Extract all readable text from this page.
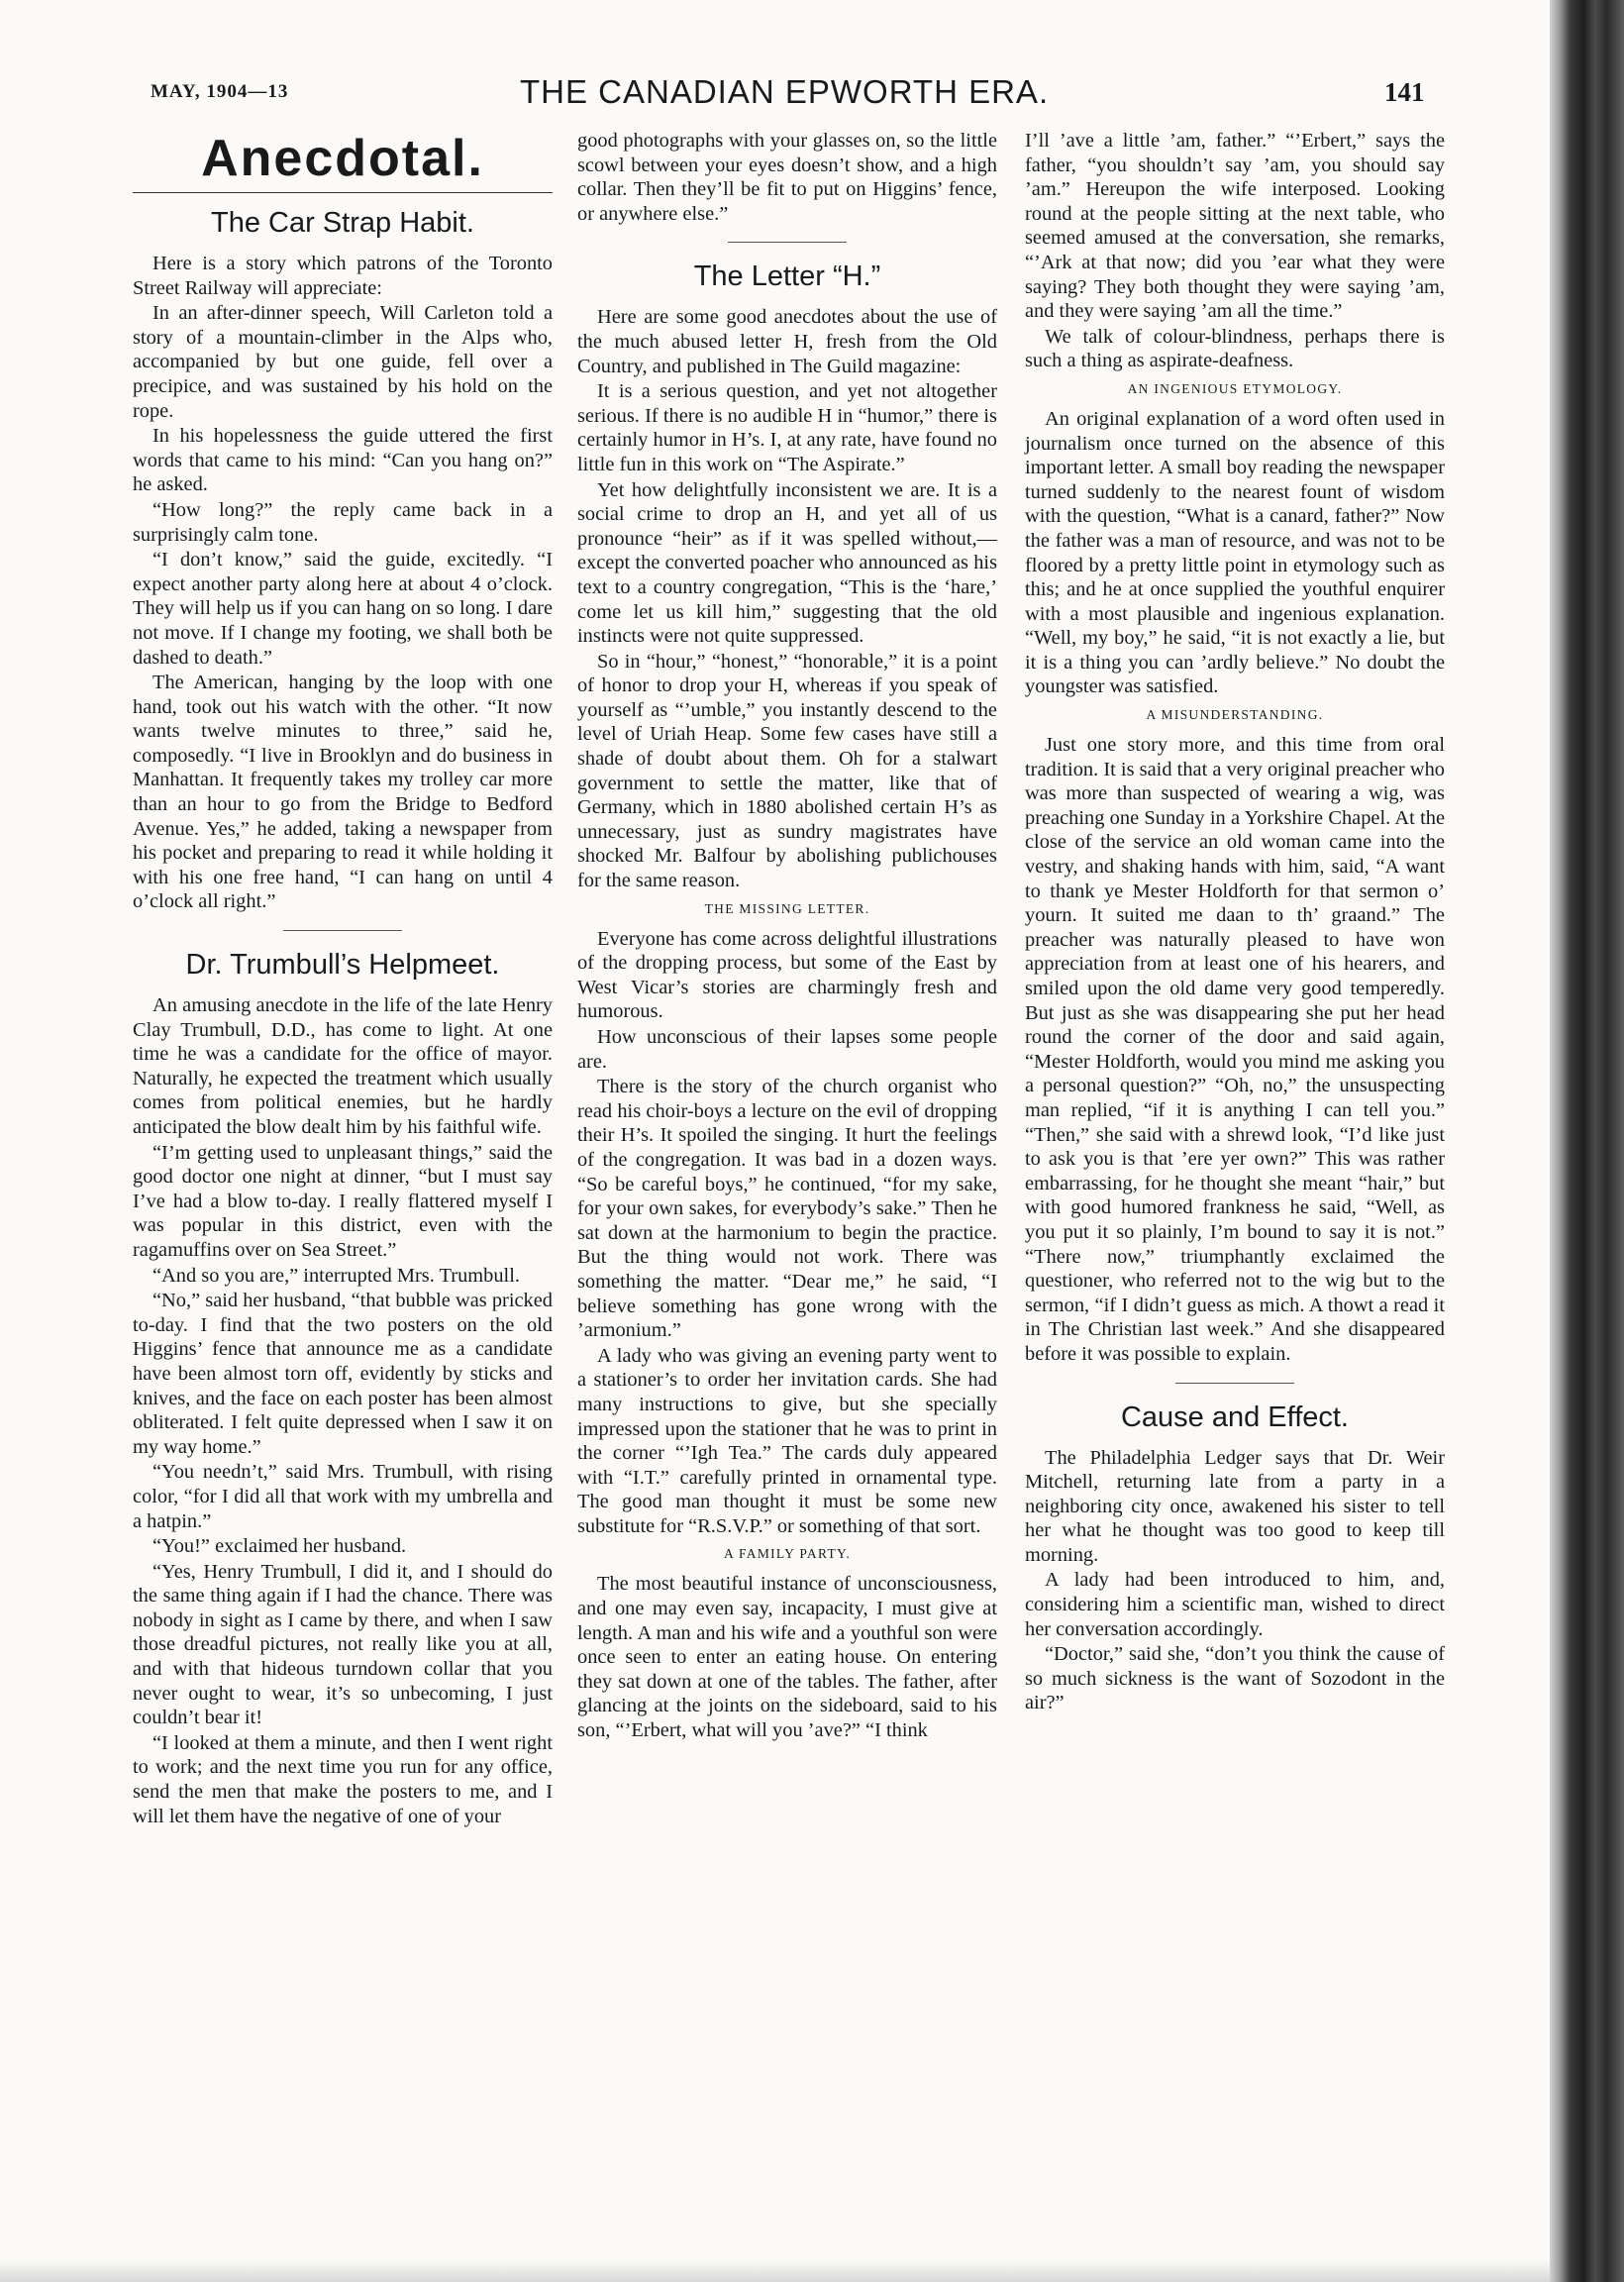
MAY, 1904—13	THE CANADIAN EPWORTH ERA.	141
Anecdotal.
The Car Strap Habit.

Here is a story which patrons of the Toronto Street Railway will appreciate:

In an after-dinner speech, Will Carleton told a story of a mountain-climber in the Alps who, accompanied by but one guide, fell over a precipice, and was sustained by his hold on the rope.

In his hopelessness the guide uttered the first words that came to his mind: “Can you hang on?” he asked.

“How long?” the reply came back in a surprisingly calm tone.

“I don’t know,” said the guide, excitedly. “I expect another party along here at about 4 o’clock. They will help us if you can hang on so long. I dare not move. If I change my footing, we shall both be dashed to death.”

The American, hanging by the loop with one hand, took out his watch with the other. “It now wants twelve minutes to three,” said he, composedly. “I live in Brooklyn and do business in Manhattan. It frequently takes my trolley car more than an hour to go from the Bridge to Bedford Avenue. Yes,” he added, taking a newspaper from his pocket and preparing to read it while holding it with his one free hand, “I can hang on until 4 o’clock all right.”

Dr. Trumbull’s Helpmeet.

An amusing anecdote in the life of the late Henry Clay Trumbull, D.D., has come to light. At one time he was a candidate for the office of mayor. Naturally, he expected the treatment which usually comes from political enemies, but he hardly anticipated the blow dealt him by his faithful wife.

“I’m getting used to unpleasant things,” said the good doctor one night at dinner, “but I must say I’ve had a blow to-day. I really flattered myself I was popular in this district, even with the ragamuffins over on Sea Street.”

“And so you are,” interrupted Mrs. Trumbull.

“No,” said her husband, “that bubble was pricked to-day. I find that the two posters on the old Higgins’ fence that announce me as a candidate have been almost torn off, evidently by sticks and knives, and the face on each poster has been almost obliterated. I felt quite depressed when I saw it on my way home.”

“You needn’t,” said Mrs. Trumbull, with rising color, “for I did all that work with my umbrella and a hatpin.”

“You!” exclaimed her husband.

“Yes, Henry Trumbull, I did it, and I should do the same thing again if I had the chance. There was nobody in sight as I came by there, and when I saw those dreadful pictures, not really like you at all, and with that hideous turndown collar that you never ought to wear, it’s so unbecoming, I just couldn’t bear it!

“I looked at them a minute, and then I went right to work; and the next time you run for any office, send the men that make the posters to me, and I will let them have the negative of one of your

good photographs with your glasses on, so the little scowl between your eyes doesn’t show, and a high collar. Then they’ll be fit to put on Higgins’ fence, or anywhere else.”

The Letter “H.”

Here are some good anecdotes about the use of the much abused letter H, fresh from the Old Country, and published in The Guild magazine:

It is a serious question, and yet not altogether serious. If there is no audible H in “humor,” there is certainly humor in H’s. I, at any rate, have found no little fun in this work on “The Aspirate.”

Yet how delightfully inconsistent we are. It is a social crime to drop an H, and yet all of us pronounce “heir” as if it was spelled without,—except the converted poacher who announced as his text to a country congregation, “This is the ‘hare,’ come let us kill him,” suggesting that the old instincts were not quite suppressed.

So in “hour,” “honest,” “honorable,” it is a point of honor to drop your H, whereas if you speak of yourself as “’umble,” you instantly descend to the level of Uriah Heap. Some few cases have still a shade of doubt about them. Oh for a stalwart government to settle the matter, like that of Germany, which in 1880 abolished certain H’s as unnecessary, just as sundry magistrates have shocked Mr. Balfour by abolishing publichouses for the same reason.

THE MISSING LETTER.

Everyone has come across delightful illustrations of the dropping process, but some of the East by West Vicar’s stories are charmingly fresh and humorous.

How unconscious of their lapses some people are.

There is the story of the church organist who read his choir-boys a lecture on the evil of dropping their H’s. It spoiled the singing. It hurt the feelings of the congregation. It was bad in a dozen ways. “So be careful boys,” he continued, “for my sake, for your own sakes, for everybody’s sake.” Then he sat down at the harmonium to begin the practice. But the thing would not work. There was something the matter. “Dear me,” he said, “I believe something has gone wrong with the ’armonium.”

A lady who was giving an evening party went to a stationer’s to order her invitation cards. She had many instructions to give, but she specially impressed upon the stationer that he was to print in the corner “’Igh Tea.” The cards duly appeared with “I.T.” carefully printed in ornamental type. The good man thought it must be some new substitute for “R.S.V.P.” or something of that sort.

A FAMILY PARTY.

The most beautiful instance of unconsciousness, and one may even say, incapacity, I must give at length. A man and his wife and a youthful son were once seen to enter an eating house. On entering they sat down at one of the tables. The father, after glancing at the joints on the sideboard, said to his son, “’Erbert, what will you ’ave?” “I think

I’ll ’ave a little ’am, father.” “’Erbert,” says the father, “you shouldn’t say ’am, you should say ’am.” Hereupon the wife interposed. Looking round at the people sitting at the next table, who seemed amused at the conversation, she remarks, “’Ark at that now; did you ’ear what they were saying? They both thought they were saying ’am, and they were saying ’am all the time.”

We talk of colour-blindness, perhaps there is such a thing as aspirate-deafness.

AN INGENIOUS ETYMOLOGY.

An original explanation of a word often used in journalism once turned on the absence of this important letter. A small boy reading the newspaper turned suddenly to the nearest fount of wisdom with the question, “What is a canard, father?” Now the father was a man of resource, and was not to be floored by a pretty little point in etymology such as this; and he at once supplied the youthful enquirer with a most plausible and ingenious explanation. “Well, my boy,” he said, “it is not exactly a lie, but it is a thing you can ’ardly believe.” No doubt the youngster was satisfied.

A MISUNDERSTANDING.

Just one story more, and this time from oral tradition. It is said that a very original preacher who was more than suspected of wearing a wig, was preaching one Sunday in a Yorkshire Chapel. At the close of the service an old woman came into the vestry, and shaking hands with him, said, “A want to thank ye Mester Holdforth for that sermon o’ yourn. It suited me daan to th’ graand.” The preacher was naturally pleased to have won appreciation from at least one of his hearers, and smiled upon the old dame very good temperedly. But just as she was disappearing she put her head round the corner of the door and said again, “Mester Holdforth, would you mind me asking you a personal question?” “Oh, no,” the unsuspecting man replied, “if it is anything I can tell you.” “Then,” she said with a shrewd look, “I’d like just to ask you is that ’ere yer own?” This was rather embarrassing, for he thought she meant “hair,” but with good humored frankness he said, “Well, as you put it so plainly, I’m bound to say it is not.” “There now,” triumphantly exclaimed the questioner, who referred not to the wig but to the sermon, “if I didn’t guess as mich. A thowt a read it in The Christian last week.” And she disappeared before it was possible to explain.

Cause and Effect.

The Philadelphia Ledger says that Dr. Weir Mitchell, returning late from a party in a neighboring city once, awakened his sister to tell her what he thought was too good to keep till morning.

A lady had been introduced to him, and, considering him a scientific man, wished to direct her conversation accordingly.

“Doctor,” said she, “don’t you think the cause of so much sickness is the want of Sozodont in the air?”
